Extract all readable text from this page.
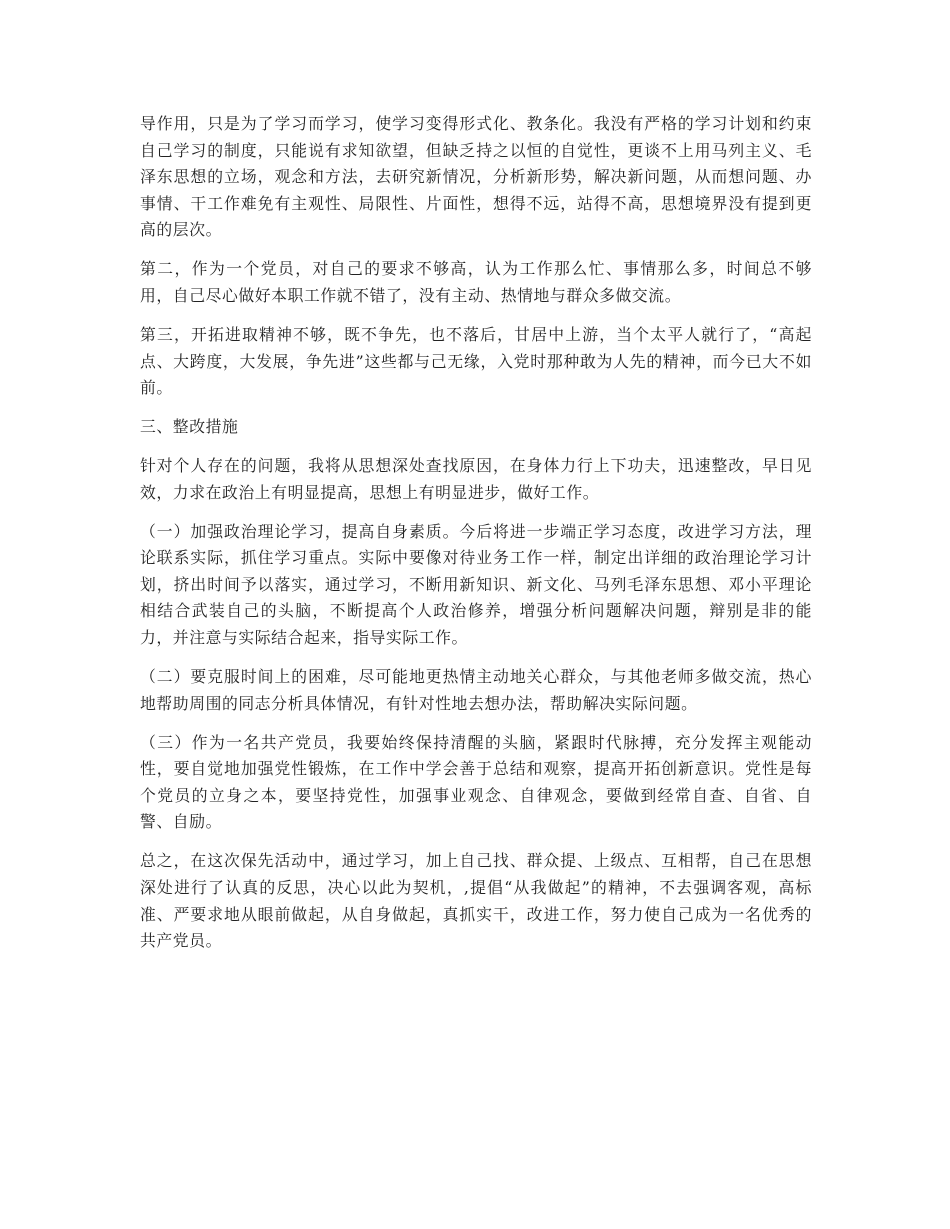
导作用，只是为了学习而学习，使学习变得形式化、教条化。我没有严格的学习计划和约束自己学习的制度，只能说有求知欲望，但缺乏持之以恒的自觉性，更谈不上用马列主义、毛泽东思想的立场，观念和方法，去研究新情况，分析新形势，解决新问题，从而想问题、办事情、干工作难免有主观性、局限性、片面性，想得不远，站得不高，思想境界没有提到更高的层次。

第二，作为一个党员，对自己的要求不够高，认为工作那么忙、事情那么多，时间总不够用，自己尽心做好本职工作就不错了，没有主动、热情地与群众多做交流。

第三，开拓进取精神不够，既不争先，也不落后，甘居中上游，当个太平人就行了，“高起点、大跨度，大发展，争先进”这些都与己无缘，入党时那种敢为人先的精神，而今已大不如前。

三、整改措施

针对个人存在的问题，我将从思想深处查找原因，在身体力行上下功夫，迅速整改，早日见效，力求在政治上有明显提高，思想上有明显进步，做好工作。

（一）加强政治理论学习，提高自身素质。今后将进一步端正学习态度，改进学习方法，理论联系实际，抓住学习重点。实际中要像对待业务工作一样，制定出详细的政治理论学习计划，挤出时间予以落实，通过学习，不断用新知识、新文化、马列毛泽东思想、邓小平理论相结合武装自己的头脑，不断提高个人政治修养，增强分析问题解决问题，辩别是非的能力，并注意与实际结合起来，指导实际工作。

（二）要克服时间上的困难，尽可能地更热情主动地关心群众，与其他老师多做交流，热心地帮助周围的同志分析具体情况，有针对性地去想办法，帮助解决实际问题。

（三）作为一名共产党员，我要始终保持清醒的头脑，紧跟时代脉搏，充分发挥主观能动性，要自觉地加强党性锻炼，在工作中学会善于总结和观察，提高开拓创新意识。党性是每个党员的立身之本，要坚持党性，加强事业观念、自律观念，要做到经常自查、自省、自警、自励。

总之，在这次保先活动中，通过学习，加上自己找、群众提、上级点、互相帮，自己在思想深处进行了认真的反思，决心以此为契机，,提倡“从我做起”的精神，不去强调客观，高标准、严要求地从眼前做起，从自身做起，真抓实干，改进工作，努力使自己成为一名优秀的共产党员。
